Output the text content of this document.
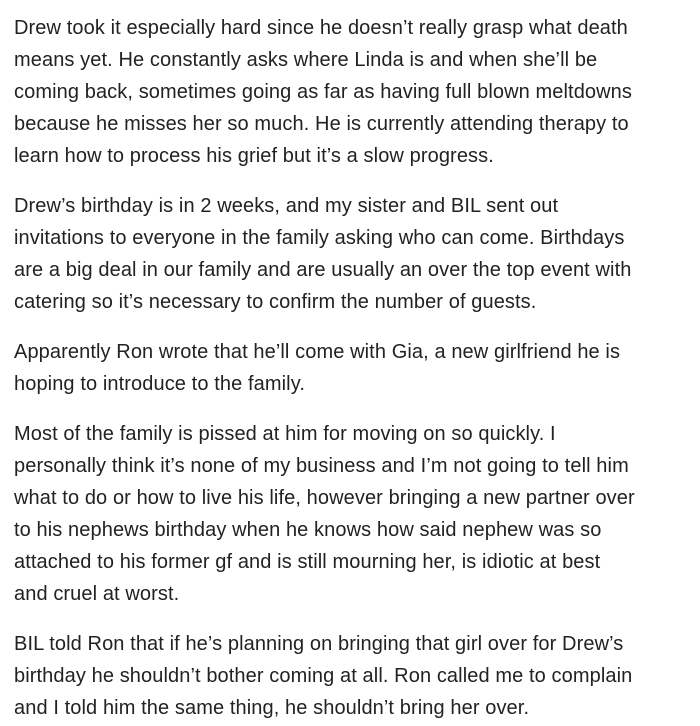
Drew took it especially hard since he doesn’t really grasp what death
means yet. He constantly asks where Linda is and when she’ll be
coming back, sometimes going as far as having full blown meltdowns
because he misses her so much. He is currently attending therapy to
learn how to process his grief but it’s a slow progress.

Drew’s birthday is in 2 weeks, and my sister and BIL sent out
invitations to everyone in the family asking who can come. Birthdays
are a big deal in our family and are usually an over the top event with
catering so it’s necessary to confirm the number of guests.

Apparently Ron wrote that he’ll come with Gia, a new girlfriend he is
hoping to introduce to the family.

Most of the family is pissed at him for moving on so quickly. I
personally think it’s none of my business and I’m not going to tell him
what to do or how to live his life, however bringing a new partner over
to his nephews birthday when he knows how said nephew was so
attached to his former gf and is still mourning her, is idiotic at best
and cruel at worst.

BIL told Ron that if he’s planning on bringing that girl over for Drew’s
birthday he shouldn’t bother coming at all. Ron called me to complain
and I told him the same thing, he shouldn’t bring her over.
